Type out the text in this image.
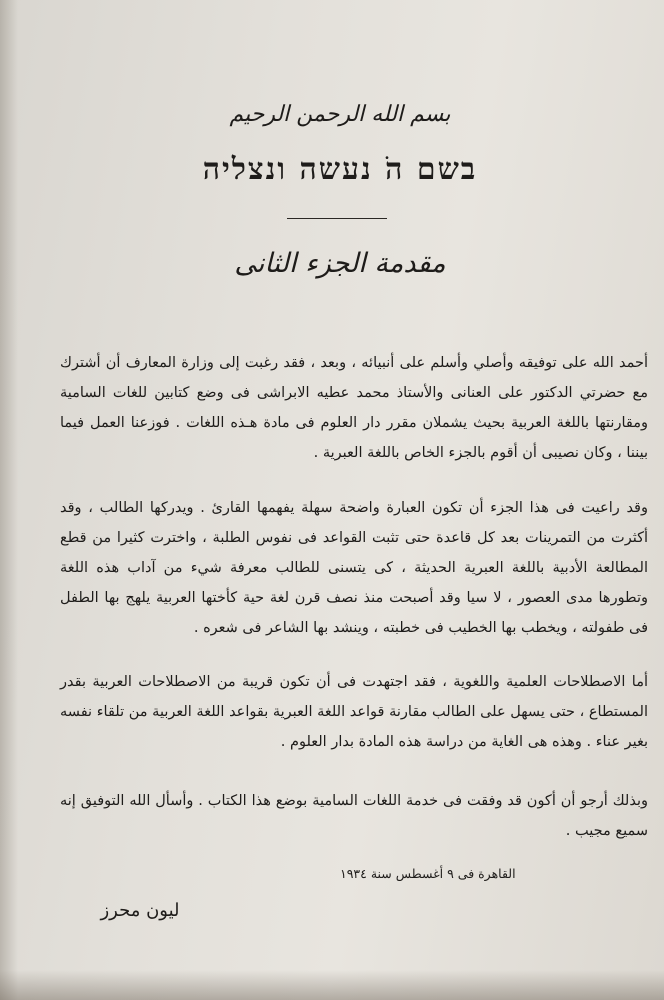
بسم الله الرحمن الرحيم
בשם הֹ נעשה ונצליה
مقدمة الجزء الثانى

أحمد الله على توفيقه وأصلي وأسلم على أنبيائه ، وبعد ، فقد رغبت إلى وزارة المعارف أن أشترك مع حضرتي الدكتور على العنانى والأستاذ محمد عطيه الابراشى فى وضع كتابين للغات السامية ومقارنتها باللغة العربية بحيث يشملان مقرر دار العلوم فى مادة هـذه اللغات . فوزعنا العمل فيما بيننا ، وكان نصيبى أن أقوم بالجزء الخاص باللغة العبرية .

وقد راعيت فى هذا الجزء أن تكون العبارة واضحة سهلة يفهمها القارئ . ويدركها الطالب ، وقد أكثرت من التمرينات بعد كل قاعدة حتى تثبت القواعد فى نفوس الطلبة ، واخترت كثيرا من قطع المطالعة الأدبية باللغة العبرية الحديثة ، كى يتسنى للطالب معرفة شيء من آداب هذه اللغة وتطورها مدى العصور ، لا سيا وقد أصبحت منذ نصف قرن لغة حية كأختها العربية يلهج بها الطفل فى طفولته ، ويخطب بها الخطيب فى خطبته ، وينشد بها الشاعر فى شعره .

أما الاصطلاحات العلمية واللغوية ، فقد اجتهدت فى أن تكون قريبة من الاصطلاحات العربية بقدر المستطاع ، حتى يسهل على الطالب مقارنة قواعد اللغة العبرية بقواعد اللغة العربية من تلقاء نفسه بغير عناء . وهذه هى الغاية من دراسة هذه المادة بدار العلوم .

وبذلك أرجو أن أكون قد وفقت فى خدمة اللغات السامية بوضع هذا الكتاب . وأسأل الله التوفيق إنه سميع مجيب .

القاهرة فى ٩ أغسطس سنة ١٩٣٤
ليون محرز
